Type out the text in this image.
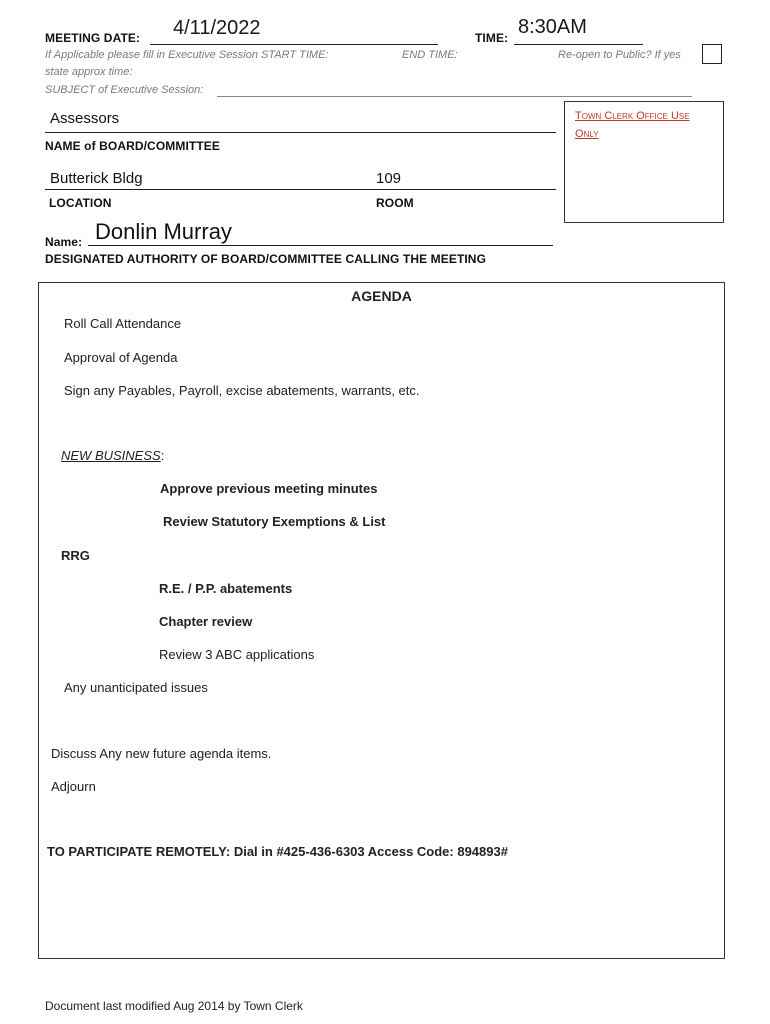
MEETING DATE: 4/11/2022	TIME: 8:30AM
If Applicable please fill in Executive Session START TIME:	END TIME:	Re-open to Public? If yes
state approx time:
SUBJECT of Executive Session:
Town Clerk Office Use Only
Assessors
NAME of BOARD/COMMITTEE
Butterick Bldg	109
LOCATION	ROOM
Name: Donlin Murray
DESIGNATED AUTHORITY OF BOARD/COMMITTEE CALLING THE MEETING
AGENDA
Roll Call Attendance
Approval of Agenda
Sign any Payables, Payroll, excise abatements, warrants, etc.
NEW BUSINESS:
Approve previous meeting minutes
Review Statutory Exemptions & List
RRG
R.E. / P.P. abatements
Chapter review
Review 3 ABC applications
Any unanticipated issues
Discuss Any new future agenda items.
Adjourn
TO PARTICIPATE REMOTELY: Dial in #425-436-6303 Access Code: 894893#
Document last modified Aug 2014 by Town Clerk
